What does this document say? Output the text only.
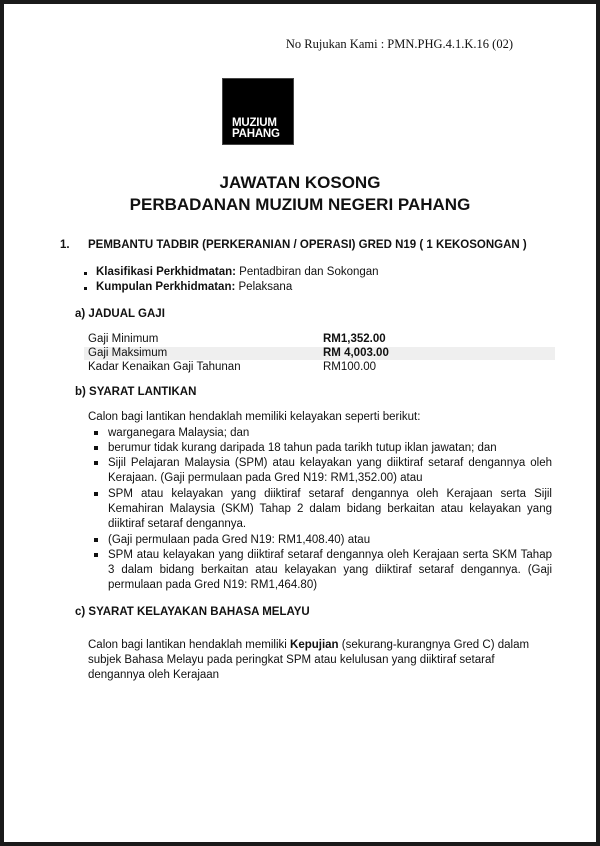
No Rujukan Kami : PMN.PHG.4.1.K.16 (02)
MUZIUM
PAHANG
JAWATAN KOSONG
PERBADANAN MUZIUM NEGERI PAHANG
1. PEMBANTU TADBIR (PERKERANIAN / OPERASI) GRED N19 ( 1 KEKOSONGAN )
Klasifikasi Perkhidmatan: Pentadbiran dan Sokongan
Kumpulan Perkhidmatan: Pelaksana
a) JADUAL GAJI
Gaji Minimum	RM1,352.00
Gaji Maksimum	RM 4,003.00
Kadar Kenaikan Gaji Tahunan	RM100.00
b) SYARAT LANTIKAN
Calon bagi lantikan hendaklah memiliki kelayakan seperti berikut:
warganegara Malaysia; dan
berumur tidak kurang daripada 18 tahun pada tarikh tutup iklan jawatan; dan
Sijil Pelajaran Malaysia (SPM) atau kelayakan yang diiktiraf setaraf dengannya oleh Kerajaan. (Gaji permulaan pada Gred N19: RM1,352.00) atau
SPM atau kelayakan yang diiktiraf setaraf dengannya oleh Kerajaan serta Sijil Kemahiran Malaysia (SKM) Tahap 2 dalam bidang berkaitan atau kelayakan yang diiktiraf setaraf dengannya.
(Gaji permulaan pada Gred N19: RM1,408.40) atau
SPM atau kelayakan yang diiktiraf setaraf dengannya oleh Kerajaan serta SKM Tahap 3 dalam bidang berkaitan atau kelayakan yang diiktiraf setaraf dengannya. (Gaji permulaan pada Gred N19: RM1,464.80)
c) SYARAT KELAYAKAN BAHASA MELAYU
Calon bagi lantikan hendaklah memiliki Kepujian (sekurang-kurangnya Gred C) dalam subjek Bahasa Melayu pada peringkat SPM atau kelulusan yang diiktiraf setaraf dengannya oleh Kerajaan
